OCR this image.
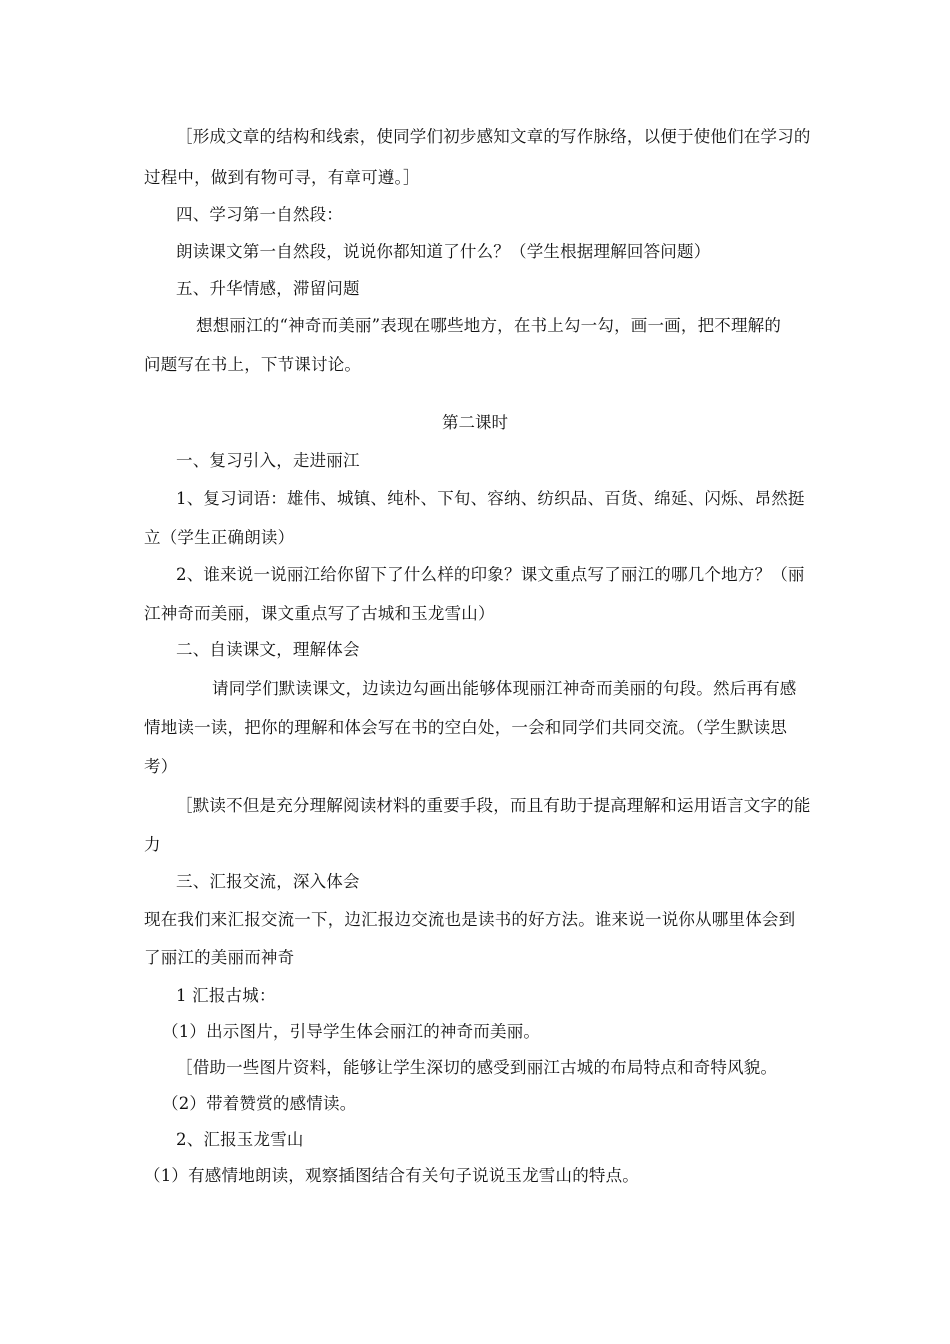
［形成文章的结构和线索，使同学们初步感知文章的写作脉络，以便于使他们在学习的
过程中，做到有物可寻，有章可遵。］
四、学习第一自然段：
朗读课文第一自然段，说说你都知道了什么？（学生根据理解回答问题）
五、升华情感，滞留问题
想想丽江的“神奇而美丽”表现在哪些地方，在书上勾一勾，画一画，把不理解的
问题写在书上，下节课讨论。
第二课时
一、复习引入，走进丽江
1、复习词语：雄伟、城镇、纯朴、下旬、容纳、纺织品、百货、绵延、闪烁、昂然挺
立（学生正确朗读）
2、谁来说一说丽江给你留下了什么样的印象？课文重点写了丽江的哪几个地方？（丽
江神奇而美丽，课文重点写了古城和玉龙雪山）
二、自读课文，理解体会
请同学们默读课文，边读边勾画出能够体现丽江神奇而美丽的句段。然后再有感
情地读一读，把你的理解和体会写在书的空白处，一会和同学们共同交流。（学生默读思
考）
［默读不但是充分理解阅读材料的重要手段，而且有助于提高理解和运用语言文字的能
力
三、汇报交流，深入体会
现在我们来汇报交流一下，边汇报边交流也是读书的好方法。谁来说一说你从哪里体会到
了丽江的美丽而神奇
1 汇报古城：
（1）出示图片，引导学生体会丽江的神奇而美丽。
［借助一些图片资料，能够让学生深切的感受到丽江古城的布局特点和奇特风貌。
（2）带着赞赏的感情读。
2、汇报玉龙雪山
（1）有感情地朗读，观察插图结合有关句子说说玉龙雪山的特点。
